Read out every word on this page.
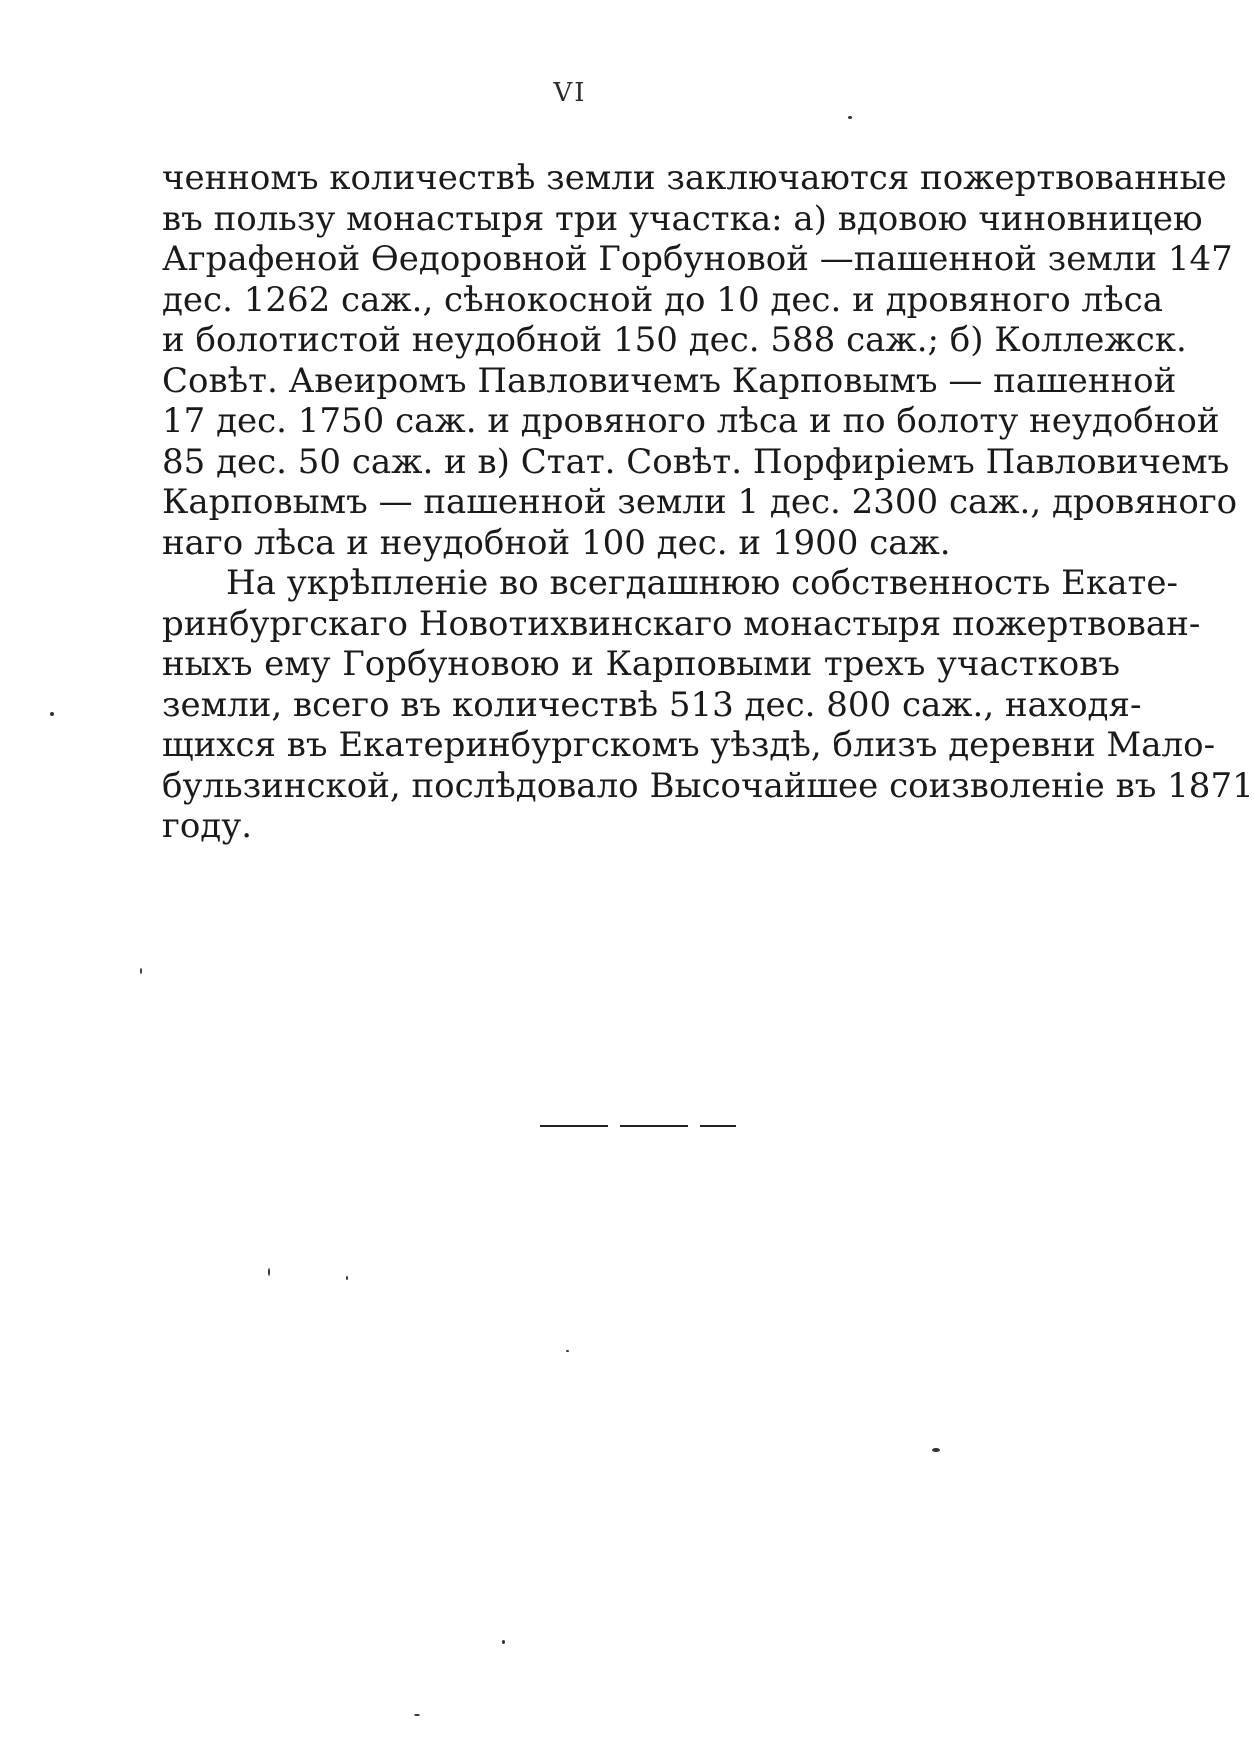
VI
ченномъ количествѣ земли заключаются пожертвованные
въ пользу монастыря три участка: а) вдовою чиновницею
Аграфеной Өедоровной Горбуновой —пашенной земли 147
дес. 1262 саж., сѣнокосной до 10 дес. и дровяного лѣса
и болотистой неудобной 150 дес. 588 саж.; б) Коллежск.
Совѣт. Авеиромъ Павловичемъ Карповымъ — пашенной
17 дес. 1750 саж. и дровяного лѣса и по болоту неудобной
85 дес. 50 саж. и в) Стат. Совѣт. Порфиріемъ Павловичемъ
Карповымъ — пашенной земли 1 дес. 2300 саж., дровяного
наго лѣса и неудобной 100 дес. и 1900 саж.
На укрѣпленіе во всегдашнюю собственность Екате-
ринбургскаго Новотихвинскаго монастыря пожертвован-
ныхъ ему Горбуновою и Карповыми трехъ участковъ
земли, всего въ количествѣ 513 дес. 800 саж., находя-
щихся въ Екатеринбургскомъ уѣздѣ, близъ деревни Мало-
бульзинской, послѣдовало Высочайшее соизволеніе въ 1871
году.
